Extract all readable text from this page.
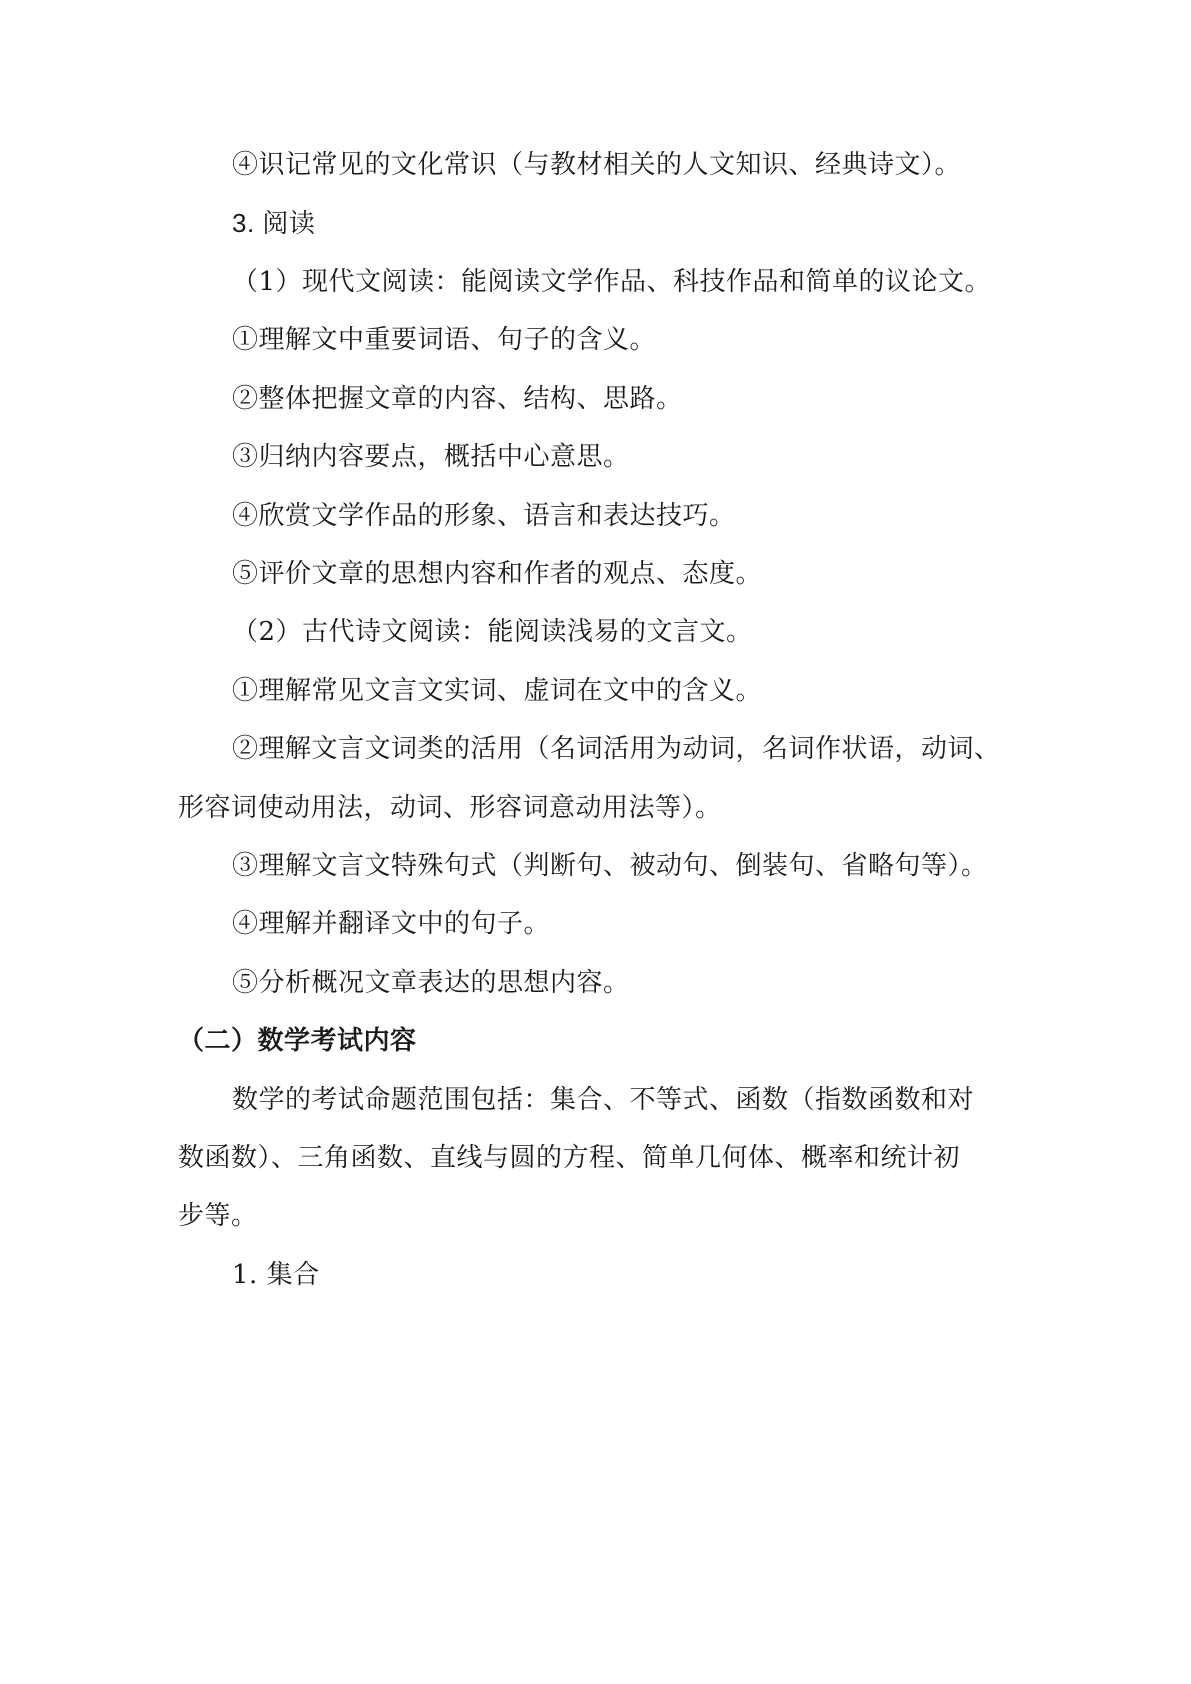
④识记常见的文化常识（与教材相关的人文知识、经典诗文）。
3. 阅读
（1）现代文阅读：能阅读文学作品、科技作品和简单的议论文。
①理解文中重要词语、句子的含义。
②整体把握文章的内容、结构、思路。
③归纳内容要点，概括中心意思。
④欣赏文学作品的形象、语言和表达技巧。
⑤评价文章的思想内容和作者的观点、态度。
（2）古代诗文阅读：能阅读浅易的文言文。
①理解常见文言文实词、虚词在文中的含义。
②理解文言文词类的活用（名词活用为动词，名词作状语，动词、
形容词使动用法，动词、形容词意动用法等）。
③理解文言文特殊句式（判断句、被动句、倒装句、省略句等）。
④理解并翻译文中的句子。
⑤分析概况文章表达的思想内容。
（二）数学考试内容
数学的考试命题范围包括：集合、不等式、函数（指数函数和对
数函数）、三角函数、直线与圆的方程、简单几何体、概率和统计初
步等。
1. 集合
